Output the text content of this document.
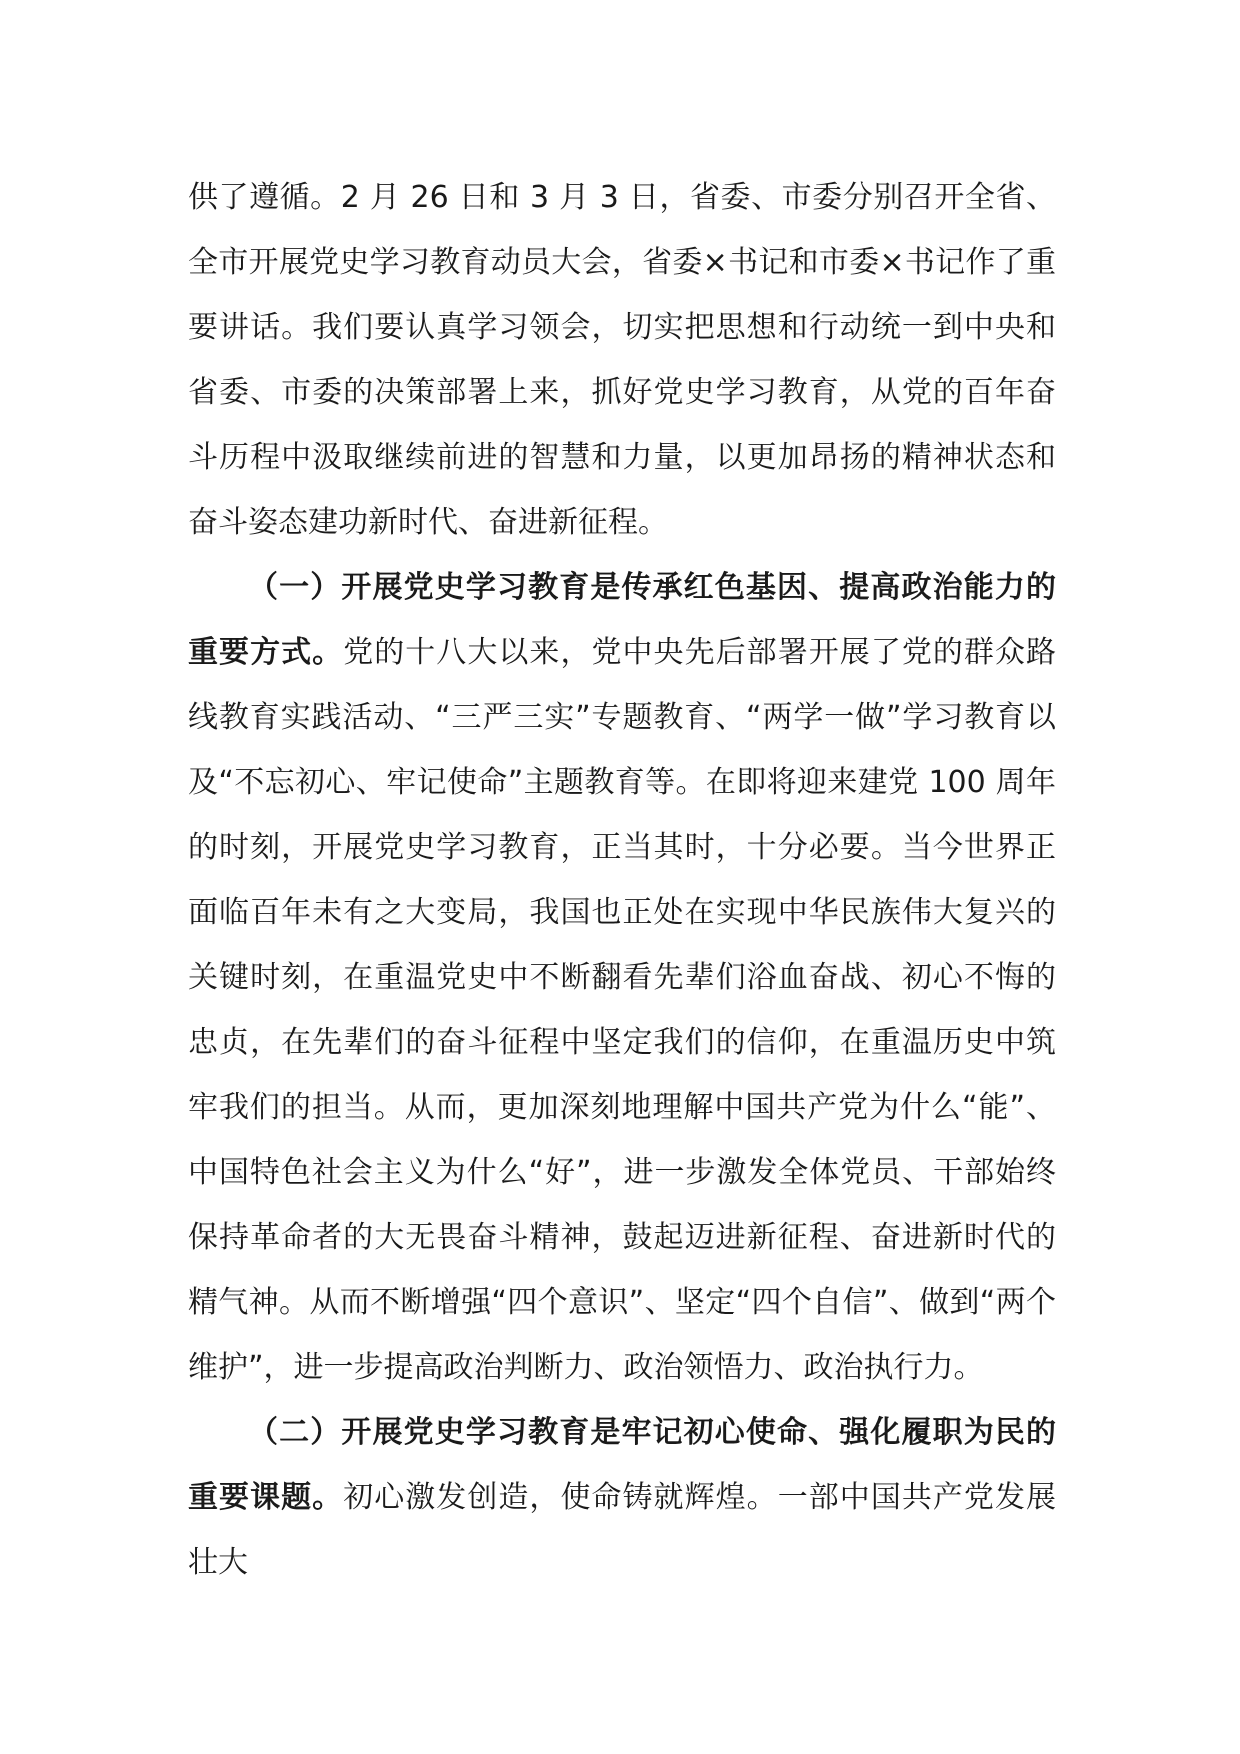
供了遵循。2 月 26 日和 3 月 3 日，省委、市委分别召开全省、全市开展党史学习教育动员大会，省委×书记和市委×书记作了重要讲话。我们要认真学习领会，切实把思想和行动统一到中央和省委、市委的决策部署上来，抓好党史学习教育，从党的百年奋斗历程中汲取继续前进的智慧和力量，以更加昂扬的精神状态和奋斗姿态建功新时代、奋进新征程。

（一）开展党史学习教育是传承红色基因、提高政治能力的重要方式。党的十八大以来，党中央先后部署开展了党的群众路线教育实践活动、“三严三实”专题教育、“两学一做”学习教育以及“不忘初心、牢记使命”主题教育等。在即将迎来建党 100 周年的时刻，开展党史学习教育，正当其时，十分必要。当今世界正面临百年未有之大变局，我国也正处在实现中华民族伟大复兴的关键时刻，在重温党史中不断翻看先辈们浴血奋战、初心不悔的忠贞，在先辈们的奋斗征程中坚定我们的信仰，在重温历史中筑牢我们的担当。从而，更加深刻地理解中国共产党为什么“能”、中国特色社会主义为什么“好”，进一步激发全体党员、干部始终保持革命者的大无畏奋斗精神，鼓起迈进新征程、奋进新时代的精气神。从而不断增强“四个意识”、坚定“四个自信”、做到“两个维护”，进一步提高政治判断力、政治领悟力、政治执行力。

（二）开展党史学习教育是牢记初心使命、强化履职为民的重要课题。初心激发创造，使命铸就辉煌。一部中国共产党发展壮大
